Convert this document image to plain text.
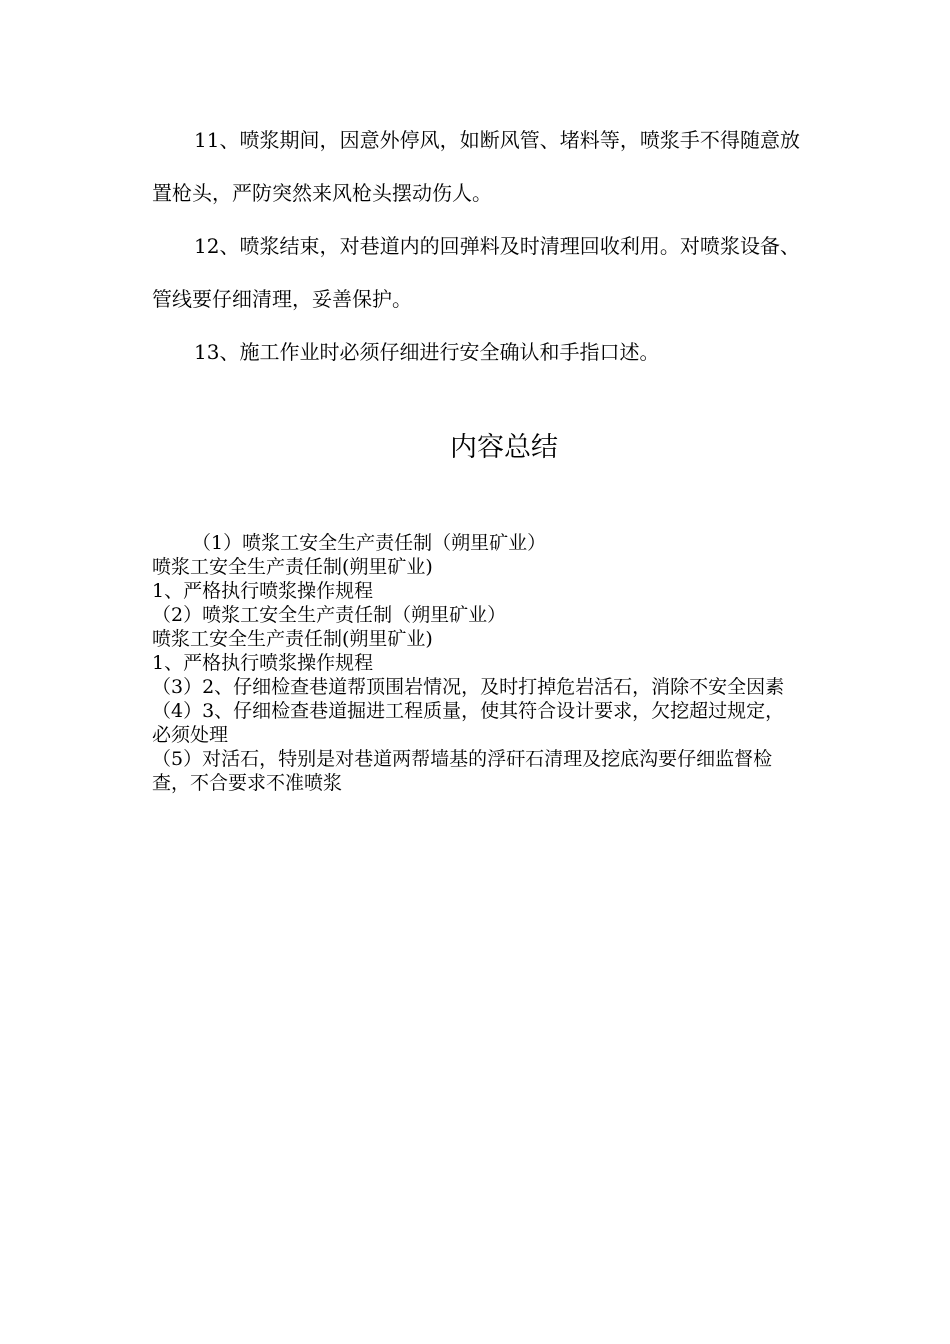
11、喷浆期间，因意外停风，如断风管、堵料等，喷浆手不得随意放置枪头，严防突然来风枪头摆动伤人。

12、喷浆结束，对巷道内的回弹料及时清理回收利用。对喷浆设备、管线要仔细清理，妥善保护。

13、施工作业时必须仔细进行安全确认和手指口述。

内容总结

（1）喷浆工安全生产责任制（朔里矿业）

喷浆工安全生产责任制(朔里矿业)

1、严格执行喷浆操作规程

（2）喷浆工安全生产责任制（朔里矿业）

喷浆工安全生产责任制(朔里矿业)

1、严格执行喷浆操作规程

（3）2、仔细检查巷道帮顶围岩情况，及时打掉危岩活石，消除不安全因素

（4）3、仔细检查巷道掘进工程质量，使其符合设计要求，欠挖超过规定，必须处理

（5）对活石，特别是对巷道两帮墙基的浮矸石清理及挖底沟要仔细监督检查，不合要求不准喷浆
